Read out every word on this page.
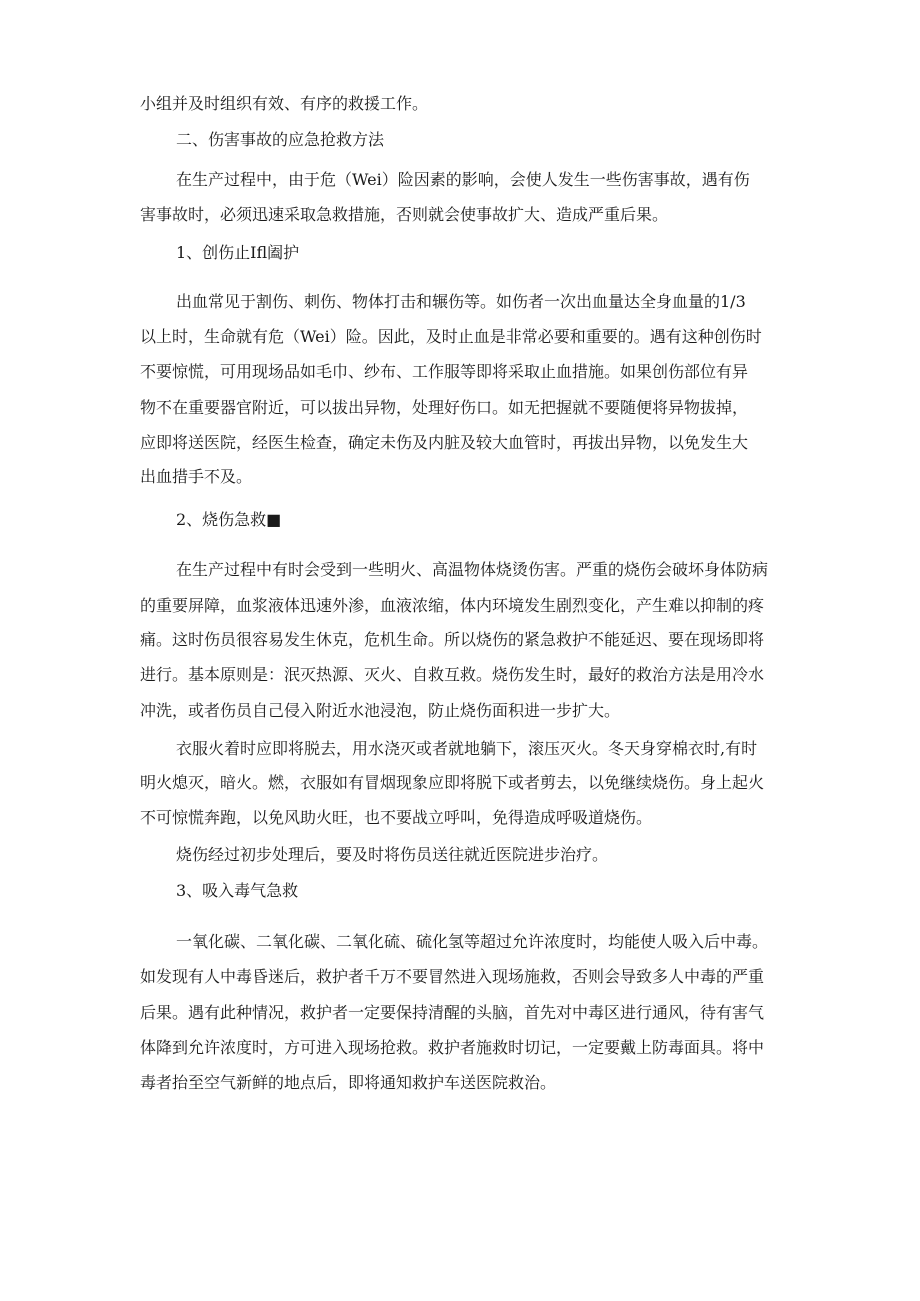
小组并及时组织有效、有序的救援工作。
二、伤害事故的应急抢救方法
在生产过程中，由于危（Wei）险因素的影响，会使人发生一些伤害事故，遇有伤
害事故时，必须迅速采取急救措施，否则就会使事故扩大、造成严重后果。
1、创伤止Ifl阖护
出血常见于割伤、刺伤、物体打击和辗伤等。如伤者一次出血量达全身血量的1/3
以上时，生命就有危（Wei）险。因此，及时止血是非常必要和重要的。遇有这种创伤时
不要惊慌，可用现场品如毛巾、纱布、工作服等即将采取止血措施。如果创伤部位有异
物不在重要器官附近，可以拔出异物，处理好伤口。如无把握就不要随便将异物拔掉，
应即将送医院，经医生检查，确定未伤及内脏及较大血管时，再拔出异物，以免发生大
出血措手不及。
2、烧伤急救■
在生产过程中有时会受到一些明火、高温物体烧烫伤害。严重的烧伤会破坏身体防病
的重要屏障，血浆液体迅速外渗，血液浓缩，体内环境发生剧烈变化，产生难以抑制的疼
痛。这时伤员很容易发生休克，危机生命。所以烧伤的紧急救护不能延迟、要在现场即将
进行。基本原则是：泯灭热源、灭火、自救互救。烧伤发生时，最好的救治方法是用冷水
冲洗，或者伤员自己侵入附近水池浸泡，防止烧伤面积进一步扩大。
衣服火着时应即将脱去，用水浇灭或者就地躺下，滚压灭火。冬天身穿棉衣时,有时
明火熄灭，暗火。燃，衣服如有冒烟现象应即将脱下或者剪去，以免继续烧伤。身上起火
不可惊慌奔跑，以免风助火旺，也不要战立呼叫，免得造成呼吸道烧伤。
烧伤经过初步处理后，要及时将伤员送往就近医院进步治疗。
3、吸入毒气急救
一氧化碳、二氧化碳、二氧化硫、硫化氢等超过允许浓度时，均能使人吸入后中毒。
如发现有人中毒昏迷后，救护者千万不要冒然进入现场施救，否则会导致多人中毒的严重
后果。遇有此种情况，救护者一定要保持清醒的头脑，首先对中毒区进行通风，待有害气
体降到允许浓度时，方可进入现场抢救。救护者施救时切记，一定要戴上防毒面具。将中
毒者抬至空气新鲜的地点后，即将通知救护车送医院救治。
